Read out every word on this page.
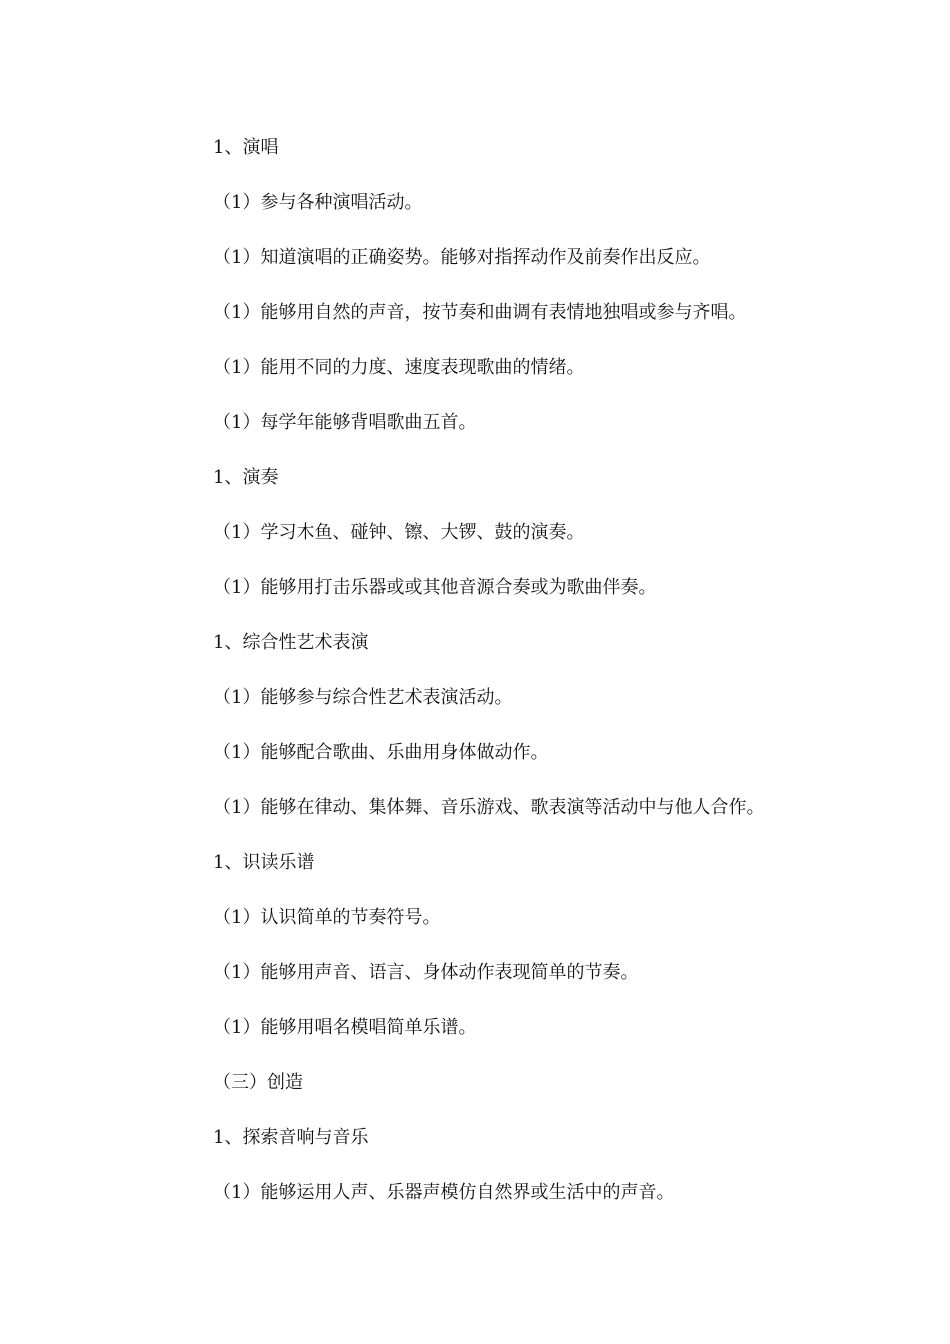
1、演唱
（1）参与各种演唱活动。
（1）知道演唱的正确姿势。能够对指挥动作及前奏作出反应。
（1）能够用自然的声音，按节奏和曲调有表情地独唱或参与齐唱。
（1）能用不同的力度、速度表现歌曲的情绪。
（1）每学年能够背唱歌曲五首。
1、演奏
（1）学习木鱼、碰钟、镲、大锣、鼓的演奏。
（1）能够用打击乐器或或其他音源合奏或为歌曲伴奏。
1、综合性艺术表演
（1）能够参与综合性艺术表演活动。
（1）能够配合歌曲、乐曲用身体做动作。
（1）能够在律动、集体舞、音乐游戏、歌表演等活动中与他人合作。
1、识读乐谱
（1）认识简单的节奏符号。
（1）能够用声音、语言、身体动作表现简单的节奏。
（1）能够用唱名模唱简单乐谱。
（三）创造
1、探索音响与音乐
（1）能够运用人声、乐器声模仿自然界或生活中的声音。
